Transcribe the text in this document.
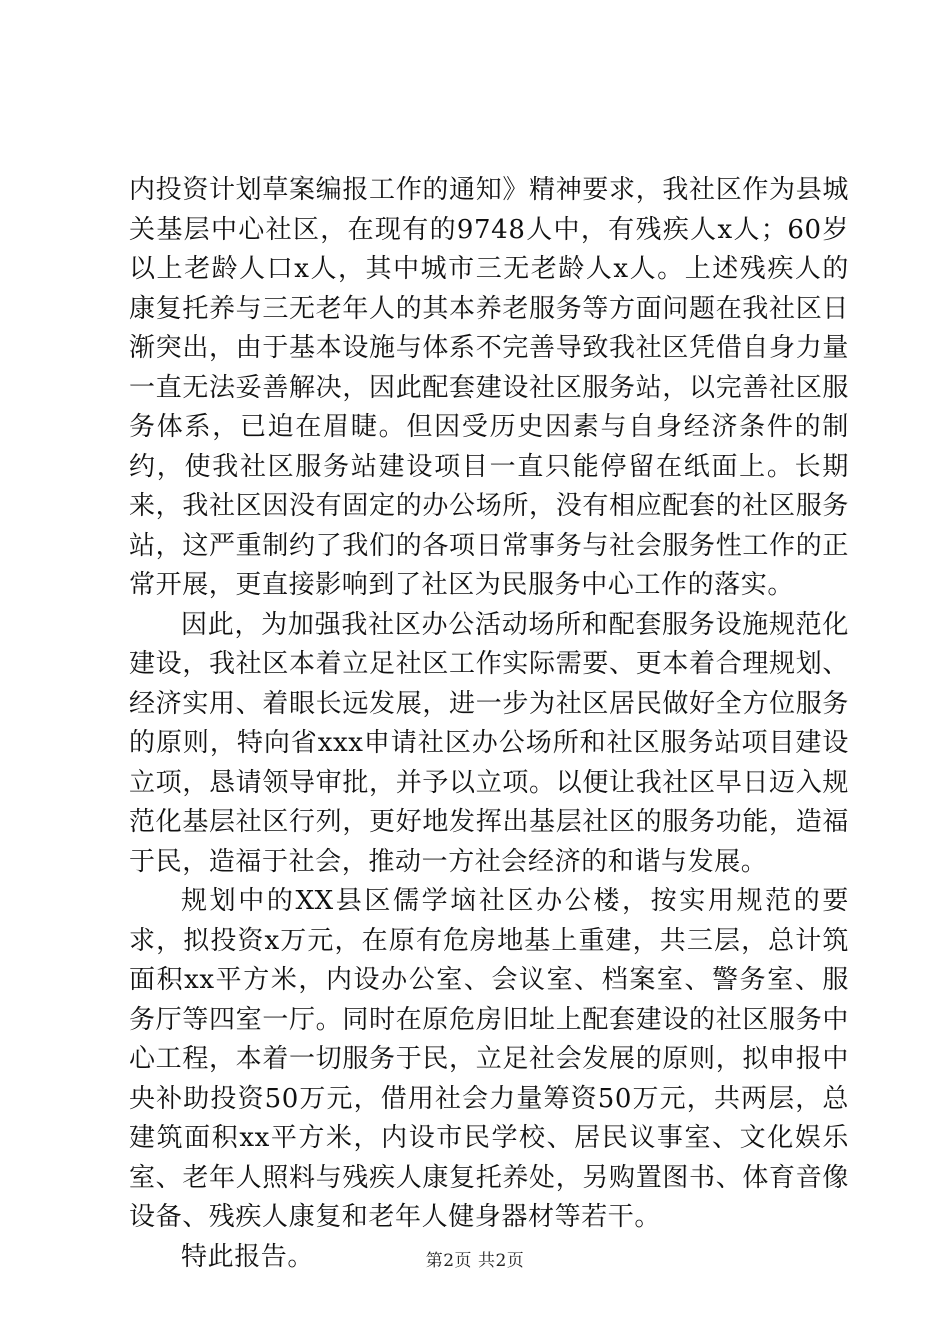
内投资计划草案编报工作的通知》精神要求，我社区作为县城关基层中心社区，在现有的9748人中，有残疾人x人；60岁以上老龄人口x人，其中城市三无老龄人x人。上述残疾人的康复托养与三无老年人的其本养老服务等方面问题在我社区日渐突出，由于基本设施与体系不完善导致我社区凭借自身力量一直无法妥善解决，因此配套建设社区服务站，以完善社区服务体系，已迫在眉睫。但因受历史因素与自身经济条件的制约，使我社区服务站建设项目一直只能停留在纸面上。长期来，我社区因没有固定的办公场所，没有相应配套的社区服务站，这严重制约了我们的各项日常事务与社会服务性工作的正常开展，更直接影响到了社区为民服务中心工作的落实。

因此，为加强我社区办公活动场所和配套服务设施规范化建设，我社区本着立足社区工作实际需要、更本着合理规划、经济实用、着眼长远发展，进一步为社区居民做好全方位服务的原则，特向省xxx申请社区办公场所和社区服务站项目建设立项，恳请领导审批，并予以立项。以便让我社区早日迈入规范化基层社区行列，更好地发挥出基层社区的服务功能，造福于民，造福于社会，推动一方社会经济的和谐与发展。

规划中的XX县区儒学垴社区办公楼，按实用规范的要求，拟投资x万元，在原有危房地基上重建，共三层，总计筑面积xx平方米，内设办公室、会议室、档案室、警务室、服务厅等四室一厅。同时在原危房旧址上配套建设的社区服务中心工程，本着一切服务于民，立足社会发展的原则，拟申报中央补助投资50万元，借用社会力量筹资50万元，共两层，总建筑面积xx平方米，内设市民学校、居民议事室、文化娱乐室、老年人照料与残疾人康复托养处，另购置图书、体育音像设备、残疾人康复和老年人健身器材等若干。

特此报告。	第2页 共2页
